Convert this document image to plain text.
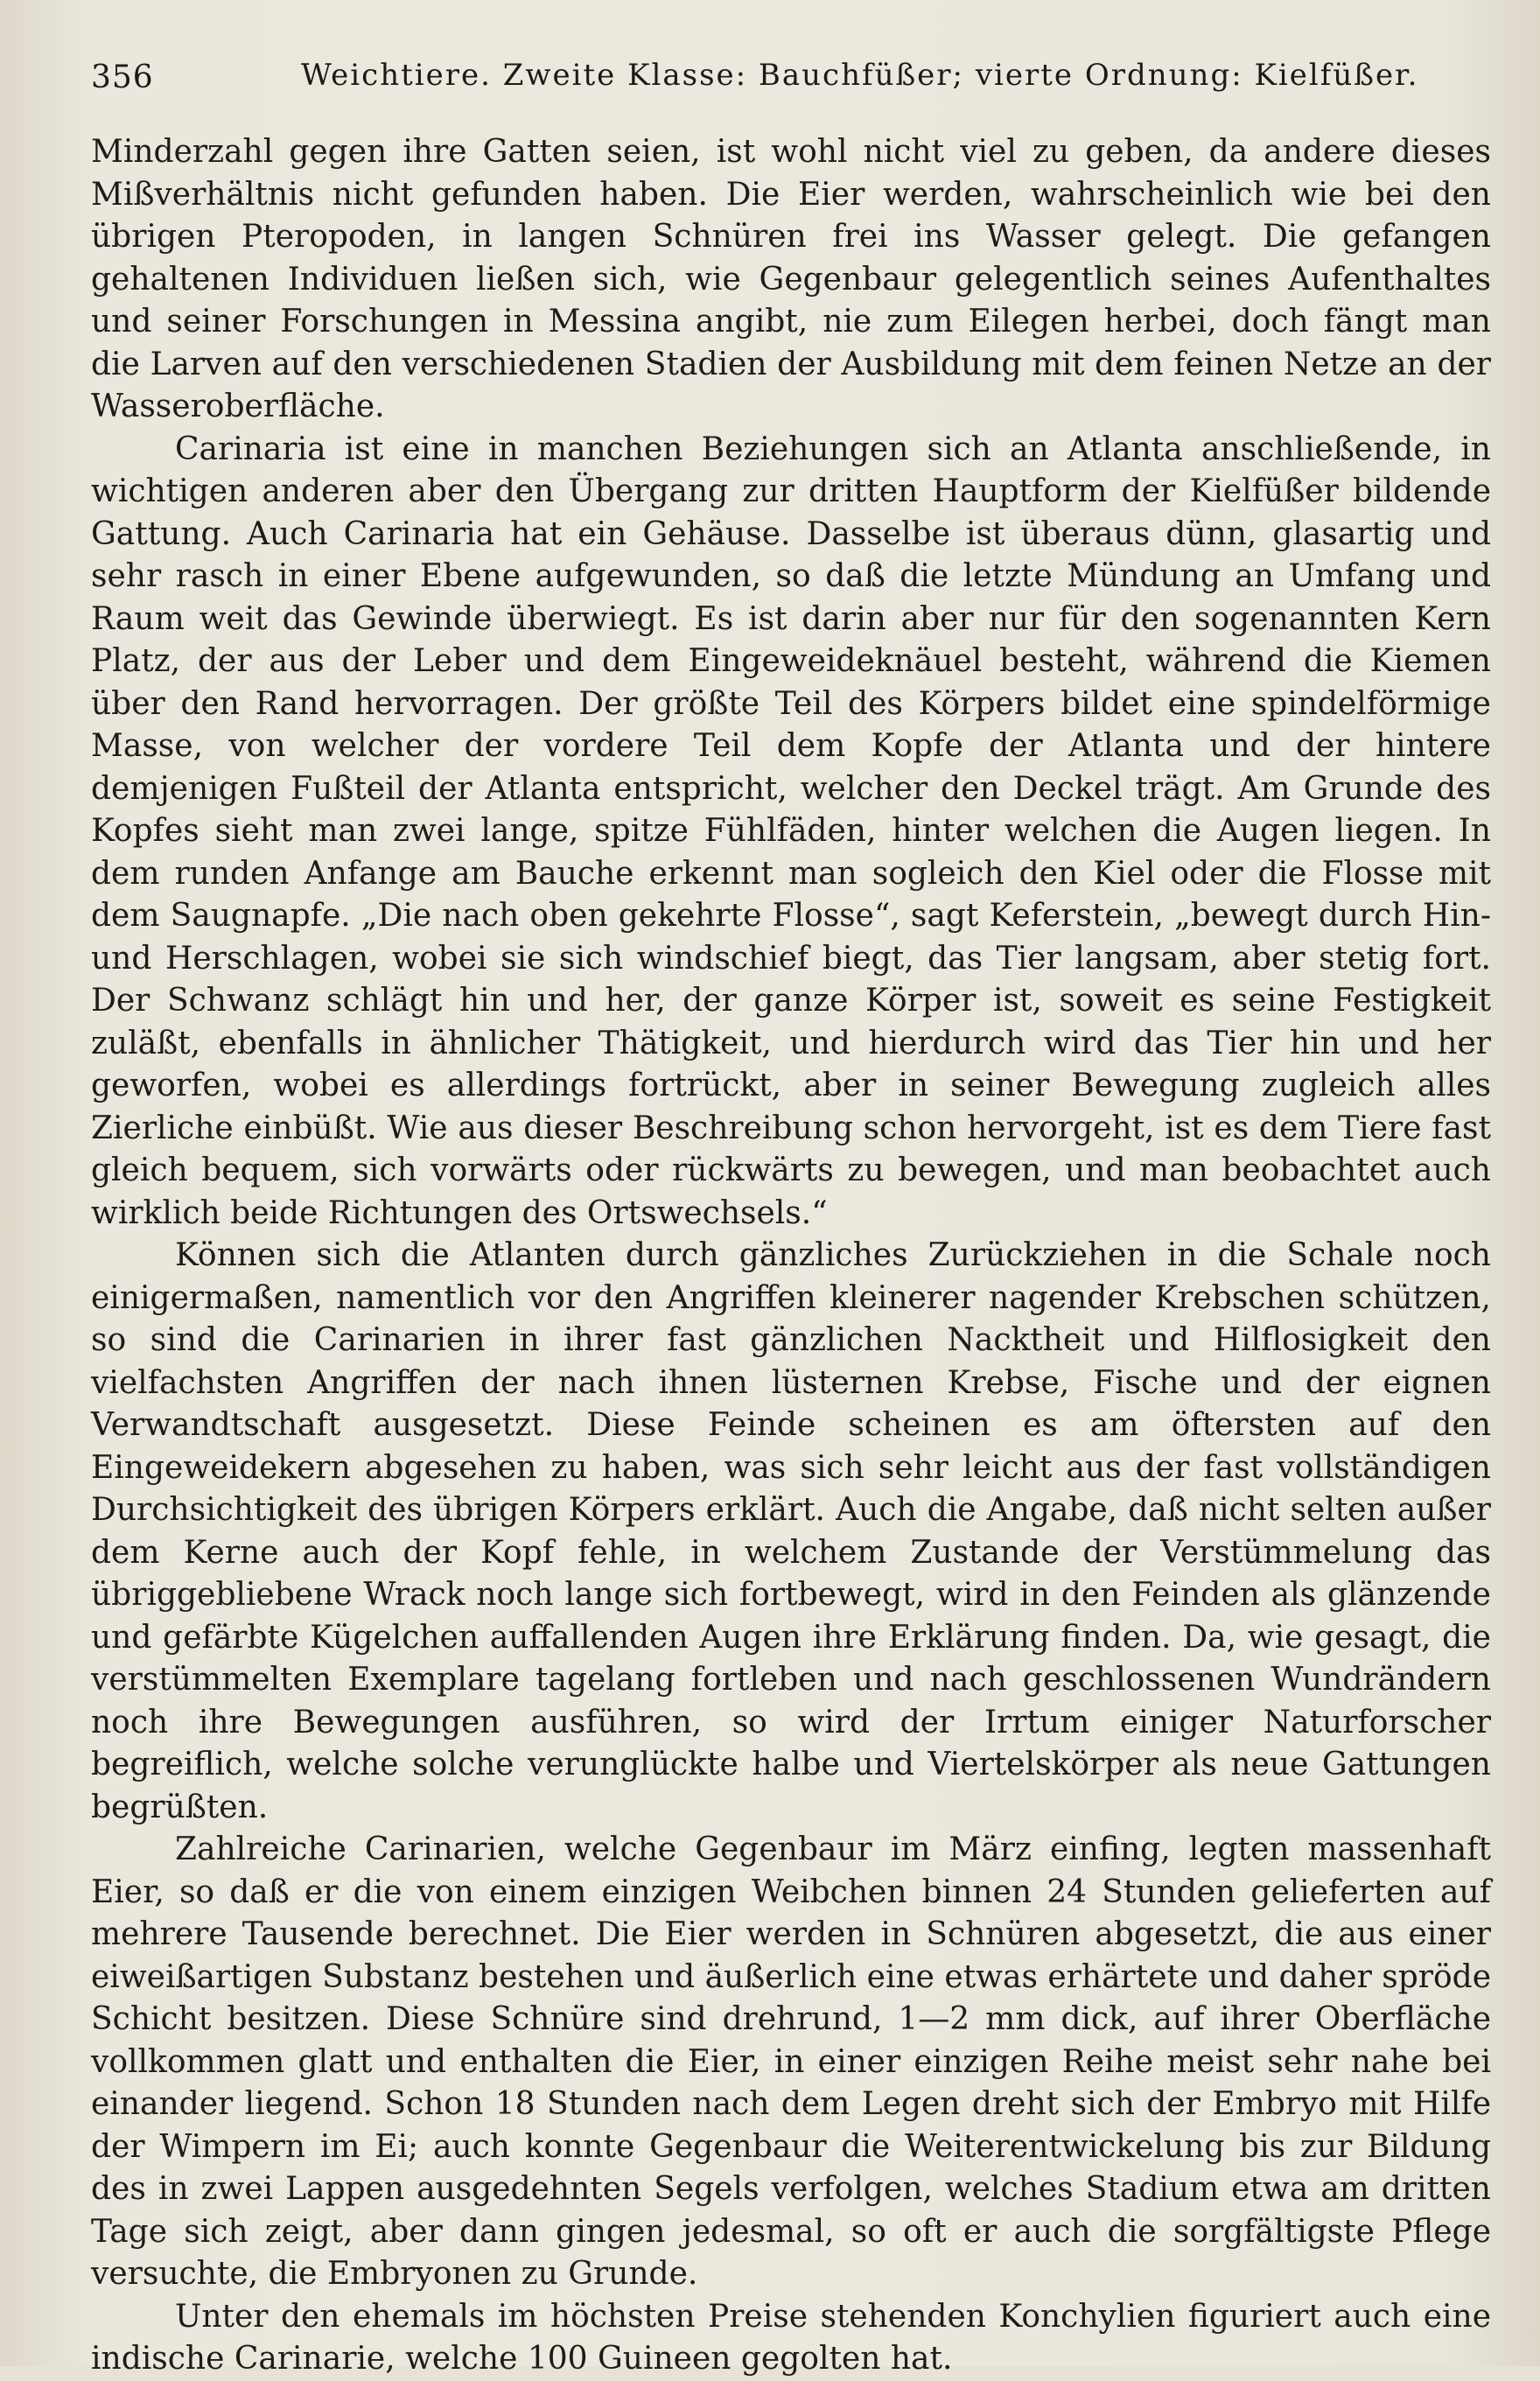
356	Weichtiere. Zweite Klasse: Bauchfüßer; vierte Ordnung: Kielfüßer.

Minderzahl gegen ihre Gatten seien, ist wohl nicht viel zu geben, da andere dieses Mißverhältnis nicht gefunden haben. Die Eier werden, wahrscheinlich wie bei den übrigen Pteropoden, in langen Schnüren frei ins Wasser gelegt. Die gefangen gehaltenen Individuen ließen sich, wie Gegenbaur gelegentlich seines Aufenthaltes und seiner Forschungen in Messina angibt, nie zum Eilegen herbei, doch fängt man die Larven auf den verschiedenen Stadien der Ausbildung mit dem feinen Netze an der Wasseroberfläche.

Carinaria ist eine in manchen Beziehungen sich an Atlanta anschließende, in wichtigen anderen aber den Übergang zur dritten Hauptform der Kielfüßer bildende Gattung. Auch Carinaria hat ein Gehäuse. Dasselbe ist überaus dünn, glasartig und sehr rasch in einer Ebene aufgewunden, so daß die letzte Mündung an Umfang und Raum weit das Gewinde überwiegt. Es ist darin aber nur für den sogenannten Kern Platz, der aus der Leber und dem Eingeweideknäuel besteht, während die Kiemen über den Rand hervorragen. Der größte Teil des Körpers bildet eine spindelförmige Masse, von welcher der vordere Teil dem Kopfe der Atlanta und der hintere demjenigen Fußteil der Atlanta entspricht, welcher den Deckel trägt. Am Grunde des Kopfes sieht man zwei lange, spitze Fühlfäden, hinter welchen die Augen liegen. In dem runden Anfange am Bauche erkennt man sogleich den Kiel oder die Flosse mit dem Saugnapfe. „Die nach oben gekehrte Flosse“, sagt Keferstein, „bewegt durch Hin- und Herschlagen, wobei sie sich windschief biegt, das Tier langsam, aber stetig fort. Der Schwanz schlägt hin und her, der ganze Körper ist, soweit es seine Festigkeit zuläßt, ebenfalls in ähnlicher Thätigkeit, und hierdurch wird das Tier hin und her geworfen, wobei es allerdings fortrückt, aber in seiner Bewegung zugleich alles Zierliche einbüßt. Wie aus dieser Beschreibung schon hervorgeht, ist es dem Tiere fast gleich bequem, sich vorwärts oder rückwärts zu bewegen, und man beobachtet auch wirklich beide Richtungen des Ortswechsels.“

Können sich die Atlanten durch gänzliches Zurückziehen in die Schale noch einigermaßen, namentlich vor den Angriffen kleinerer nagender Krebschen schützen, so sind die Carinarien in ihrer fast gänzlichen Nacktheit und Hilflosigkeit den vielfachsten Angriffen der nach ihnen lüsternen Krebse, Fische und der eignen Verwandtschaft ausgesetzt. Diese Feinde scheinen es am öftersten auf den Eingeweidekern abgesehen zu haben, was sich sehr leicht aus der fast vollständigen Durchsichtigkeit des übrigen Körpers erklärt. Auch die Angabe, daß nicht selten außer dem Kerne auch der Kopf fehle, in welchem Zustande der Verstümmelung das übriggebliebene Wrack noch lange sich fortbewegt, wird in den Feinden als glänzende und gefärbte Kügelchen auffallenden Augen ihre Erklärung finden. Da, wie gesagt, die verstümmelten Exemplare tagelang fortleben und nach geschlossenen Wundrändern noch ihre Bewegungen ausführen, so wird der Irrtum einiger Naturforscher begreiflich, welche solche verunglückte halbe und Viertelskörper als neue Gattungen begrüßten.

Zahlreiche Carinarien, welche Gegenbaur im März einfing, legten massenhaft Eier, so daß er die von einem einzigen Weibchen binnen 24 Stunden gelieferten auf mehrere Tausende berechnet. Die Eier werden in Schnüren abgesetzt, die aus einer eiweißartigen Substanz bestehen und äußerlich eine etwas erhärtete und daher spröde Schicht besitzen. Diese Schnüre sind drehrund, 1—2 mm dick, auf ihrer Oberfläche vollkommen glatt und enthalten die Eier, in einer einzigen Reihe meist sehr nahe bei einander liegend. Schon 18 Stunden nach dem Legen dreht sich der Embryo mit Hilfe der Wimpern im Ei; auch konnte Gegenbaur die Weiterentwickelung bis zur Bildung des in zwei Lappen ausgedehnten Segels verfolgen, welches Stadium etwa am dritten Tage sich zeigt, aber dann gingen jedesmal, so oft er auch die sorgfältigste Pflege versuchte, die Embryonen zu Grunde.

Unter den ehemals im höchsten Preise stehenden Konchylien figuriert auch eine indische Carinarie, welche 100 Guineen gegolten hat.
